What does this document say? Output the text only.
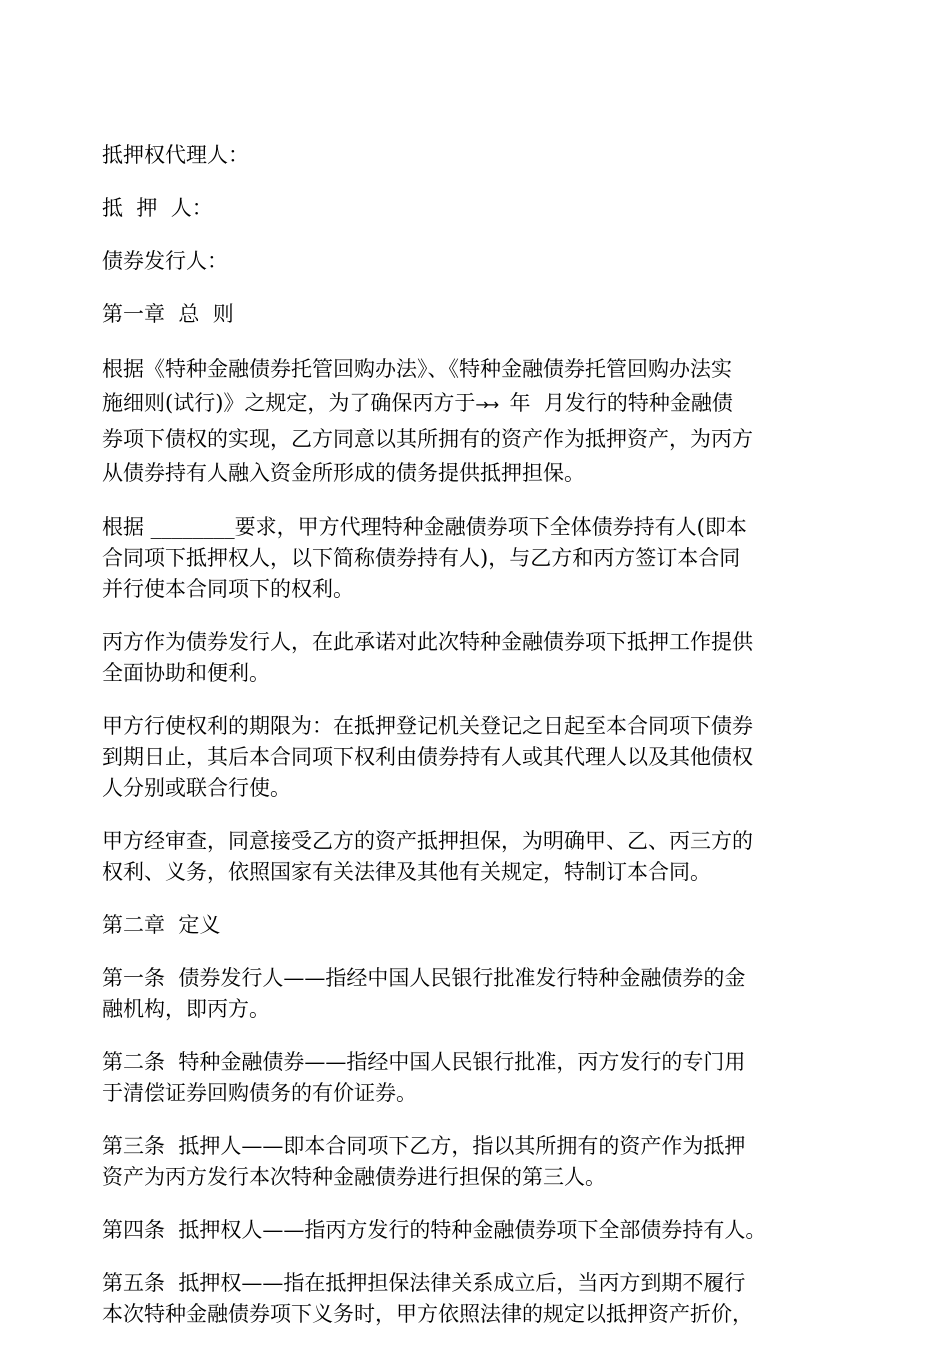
抵押权代理人：

抵  押  人：

债券发行人：

第一章  总  则

根据《特种金融债券托管回购办法》、《特种金融债券托管回购办法实

施细则(试行)》之规定，为了确保丙方于→→  年  月发行的特种金融债

券项下债权的实现，乙方同意以其所拥有的资产作为抵押资产，为丙方

从债券持有人融入资金所形成的债务提供抵押担保。

根据 ________要求，甲方代理特种金融债券项下全体债券持有人(即本

合同项下抵押权人，以下简称债券持有人)，与乙方和丙方签订本合同

并行使本合同项下的权利。

丙方作为债券发行人，在此承诺对此次特种金融债券项下抵押工作提供

全面协助和便利。

甲方行使权利的期限为：在抵押登记机关登记之日起至本合同项下债券

到期日止，其后本合同项下权利由债券持有人或其代理人以及其他债权

人分别或联合行使。

甲方经审查，同意接受乙方的资产抵押担保，为明确甲、乙、丙三方的

权利、义务，依照国家有关法律及其他有关规定，特制订本合同。

第二章  定义

第一条  债券发行人——指经中国人民银行批准发行特种金融债券的金

融机构，即丙方。

第二条  特种金融债券——指经中国人民银行批准，丙方发行的专门用

于清偿证券回购债务的有价证券。

第三条  抵押人——即本合同项下乙方，指以其所拥有的资产作为抵押

资产为丙方发行本次特种金融债券进行担保的第三人。

第四条  抵押权人——指丙方发行的特种金融债券项下全部债券持有人。

第五条  抵押权——指在抵押担保法律关系成立后，当丙方到期不履行

本次特种金融债券项下义务时，甲方依照法律的规定以抵押资产折价，
